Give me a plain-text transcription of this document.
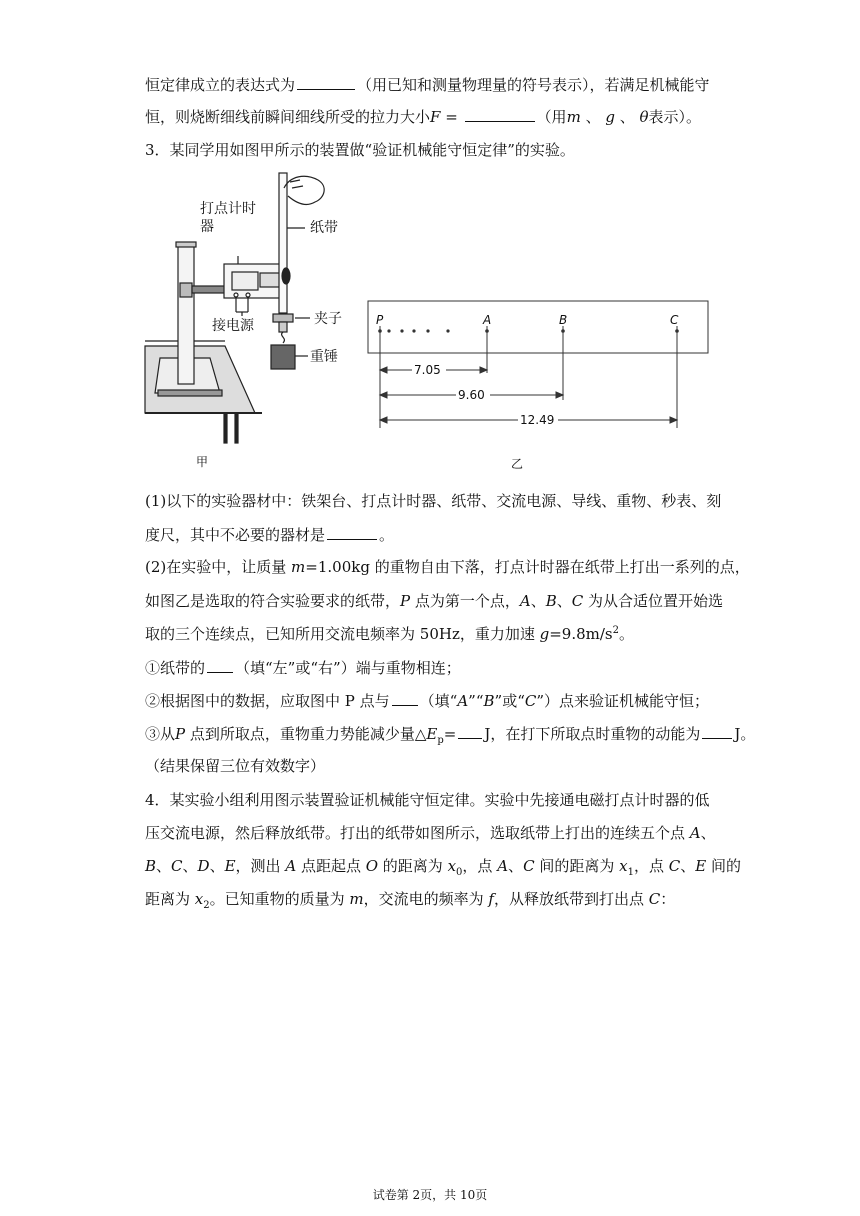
恒定律成立的表达式为	（用已知和测量物理量的符号表示），若满足机械能守
恒，则烧断细线前瞬间细线所受的拉力大小F =	（用m 、 g 、 θ表示）。
3．某同学用如图甲所示的装置做“验证机械能守恒定律”的实验。
打点计时
器	纸带
接电源	夹子
重锤
甲	乙
P	A	B	C
7.05
9.60
12.49
(1)以下的实验器材中：铁架台、打点计时器、纸带、交流电源、导线、重物、秒表、刻
度尺，其中不必要的器材是	。
(2)在实验中，让质量 m=1.00kg 的重物自由下落，打点计时器在纸带上打出一系列的点，
如图乙是选取的符合实验要求的纸带，P 点为第一个点，A、B、C 为从合适位置开始选
取的三个连续点，已知所用交流电频率为 50Hz，重力加速 $g=9.8m/s^2$。
①纸带的 （填“左”或“右”）端与重物相连；
②根据图中的数据，应取图中 P 点与 （填“A”“B”或“C”）点来验证机械能守恒；
③从P 点到所取点，重物重力势能减少量$\triangle E_p= J$，在打下所取点时重物的动能为 J。
（结果保留三位有效数字）
4．某实验小组利用图示装置验证机械能守恒定律。实验中先接通电磁打点计时器的低
压交流电源，然后释放纸带。打出的纸带如图所示，选取纸带上打出的连续五个点 A、
B、C、D、E，测出 A 点距起点 O 的距离为 $x_0$，点 A、C 间的距离为 $x_1$，点 C、E 间的
距离为 $x_2$。已知重物的质量为 m，交流电的频率为 f，从释放纸带到打出点 C：
试卷第 2页，共 10页
